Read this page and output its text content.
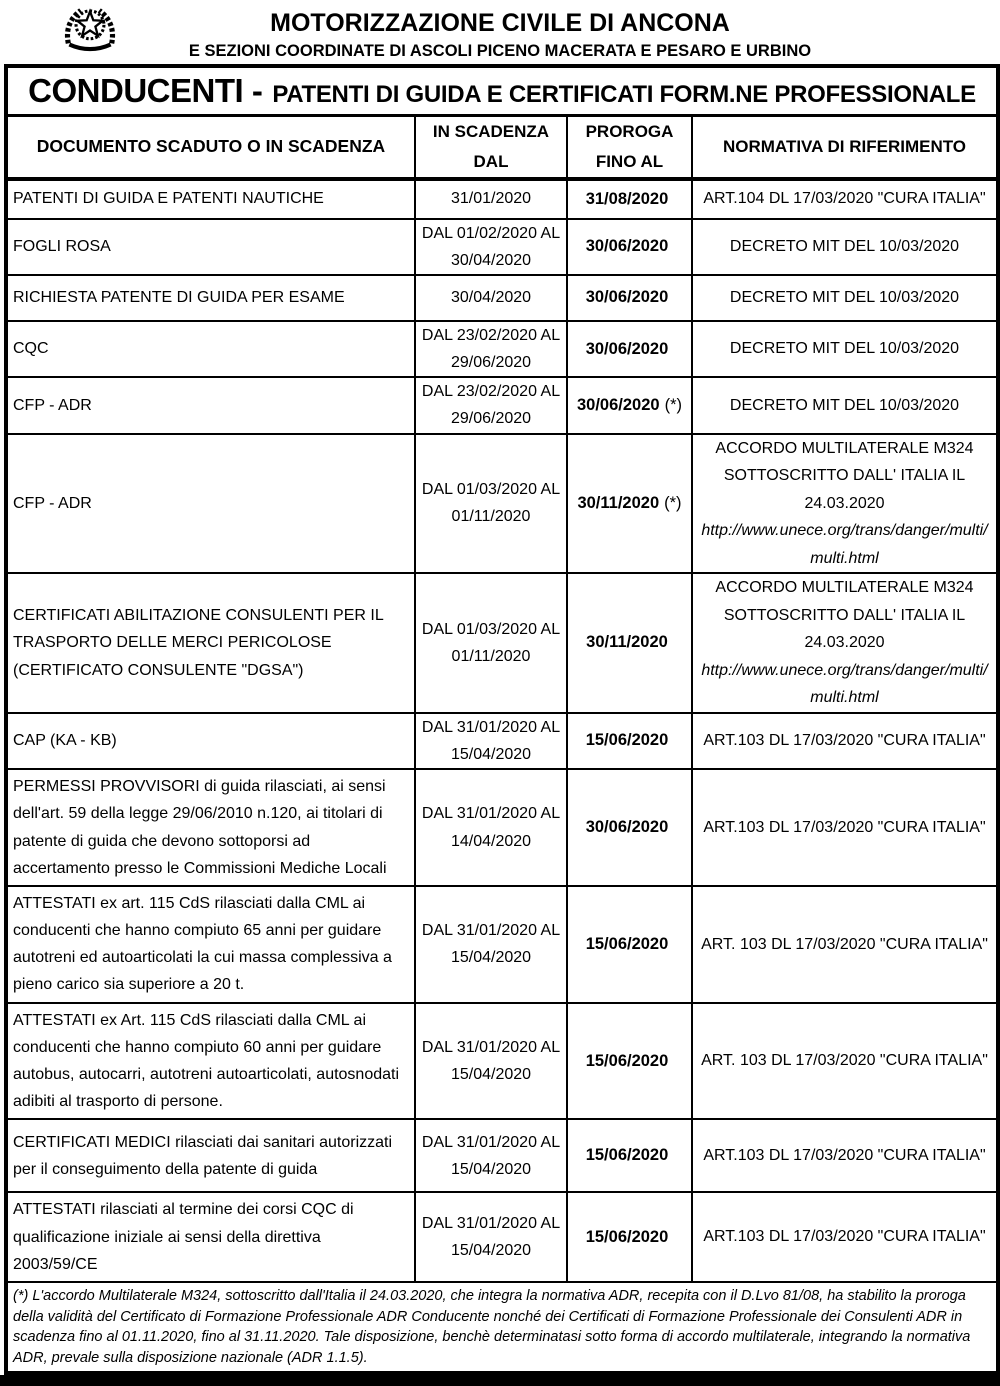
MOTORIZZAZIONE CIVILE DI ANCONA
E SEZIONI COORDINATE DI ASCOLI PICENO MACERATA E PESARO E URBINO
CONDUCENTI - PATENTI DI GUIDA E CERTIFICATI FORM.NE PROFESSIONALE			
DOCUMENTO SCADUTO O IN SCADENZA	IN SCADENZA DAL	PROROGA FINO AL	NORMATIVA DI RIFERIMENTO
PATENTI DI GUIDA E PATENTI NAUTICHE	31/01/2020	31/08/2020	ART.104 DL 17/03/2020 "CURA ITALIA"
FOGLI ROSA	DAL 01/02/2020 AL 30/04/2020	30/06/2020	DECRETO MIT DEL 10/03/2020
RICHIESTA PATENTE DI GUIDA PER ESAME	30/04/2020	30/06/2020	DECRETO MIT DEL 10/03/2020
CQC	DAL 23/02/2020 AL 29/06/2020	30/06/2020	DECRETO MIT DEL 10/03/2020
CFP - ADR	DAL 23/02/2020 AL 29/06/2020	30/06/2020 (*)	DECRETO MIT DEL 10/03/2020
CFP - ADR	DAL 01/03/2020 AL 01/11/2020	30/11/2020 (*)	ACCORDO MULTILATERALE M324 SOTTOSCRITTO DALL' ITALIA IL 24.03.2020
http://www.unece.org/trans/danger/multi/multi.html

CERTIFICATI ABILITAZIONE CONSULENTI PER IL TRASPORTO DELLE MERCI PERICOLOSE (CERTIFICATO CONSULENTE "DGSA")	DAL 01/03/2020 AL 01/11/2020	30/11/2020	ACCORDO MULTILATERALE M324 SOTTOSCRITTO DALL' ITALIA IL 24.03.2020
http://www.unece.org/trans/danger/multi/multi.html

CAP (KA - KB)	DAL 31/01/2020 AL 15/04/2020	15/06/2020	ART.103 DL 17/03/2020 "CURA ITALIA"
PERMESSI PROVVISORI di guida rilasciati, ai sensi dell'art. 59 della legge 29/06/2010 n.120, ai titolari di patente di guida che devono sottoporsi ad accertamento presso le Commissioni Mediche Locali	DAL 31/01/2020 AL 14/04/2020	30/06/2020	ART.103 DL 17/03/2020 "CURA ITALIA"
ATTESTATI ex art. 115 CdS rilasciati dalla CML ai conducenti che hanno compiuto 65 anni per guidare autotreni ed autoarticolati la cui massa complessiva a pieno carico sia superiore a 20 t.	DAL 31/01/2020 AL 15/04/2020	15/06/2020	ART. 103 DL 17/03/2020 "CURA ITALIA"
ATTESTATI ex Art. 115 CdS rilasciati dalla CML ai conducenti che hanno compiuto 60 anni per guidare autobus, autocarri, autotreni autoarticolati, autosnodati adibiti al trasporto di persone.	DAL 31/01/2020 AL 15/04/2020	15/06/2020	ART. 103 DL 17/03/2020 "CURA ITALIA"
CERTIFICATI MEDICI rilasciati dai sanitari autorizzati per il conseguimento della patente di guida	DAL 31/01/2020 AL 15/04/2020	15/06/2020	ART.103 DL 17/03/2020 "CURA ITALIA"
ATTESTATI rilasciati al termine dei corsi CQC di qualificazione iniziale ai sensi della direttiva 2003/59/CE	DAL 31/01/2020 AL 15/04/2020	15/06/2020	ART.103 DL 17/03/2020 "CURA ITALIA"
(*) L'accordo Multilaterale M324, sottoscritto dall'Italia il 24.03.2020, che integra la normativa ADR, recepita con il D.Lvo 81/08, ha stabilito la proroga della validità del Certificato di Formazione Professionale ADR Conducente nonché dei Certificati di Formazione Professionale dei Consulenti ADR in scadenza fino al 01.11.2020, fino al 31.11.2020. Tale disposizione, benchè determinatasi sotto forma di accordo multilaterale, integrando la normativa ADR, prevale sulla disposizione nazionale (ADR 1.1.5).			
